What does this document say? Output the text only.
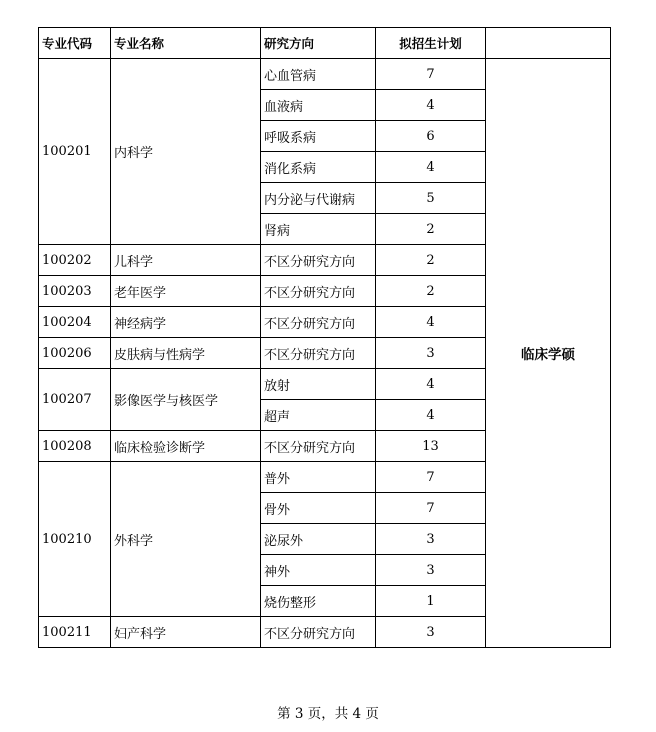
专业代码	专业名称	研究方向	拟招生计划	
100201	内科学	心血管病	7	临床学硕
		血液病	4	
		呼吸系病	6	
		消化系病	4	
		内分泌与代谢病	5	
		肾病	2	
100202	儿科学	不区分研究方向	2	
100203	老年医学	不区分研究方向	2	
100204	神经病学	不区分研究方向	4	
100206	皮肤病与性病学	不区分研究方向	3	
100207	影像医学与核医学	放射	4	
		超声	4	
100208	临床检验诊断学	不区分研究方向	13	
100210	外科学	普外	7	
		骨外	7	
		泌尿外	3	
		神外	3	
		烧伤整形	1	
100211	妇产科学	不区分研究方向	3	
第 3 页，共 4 页
